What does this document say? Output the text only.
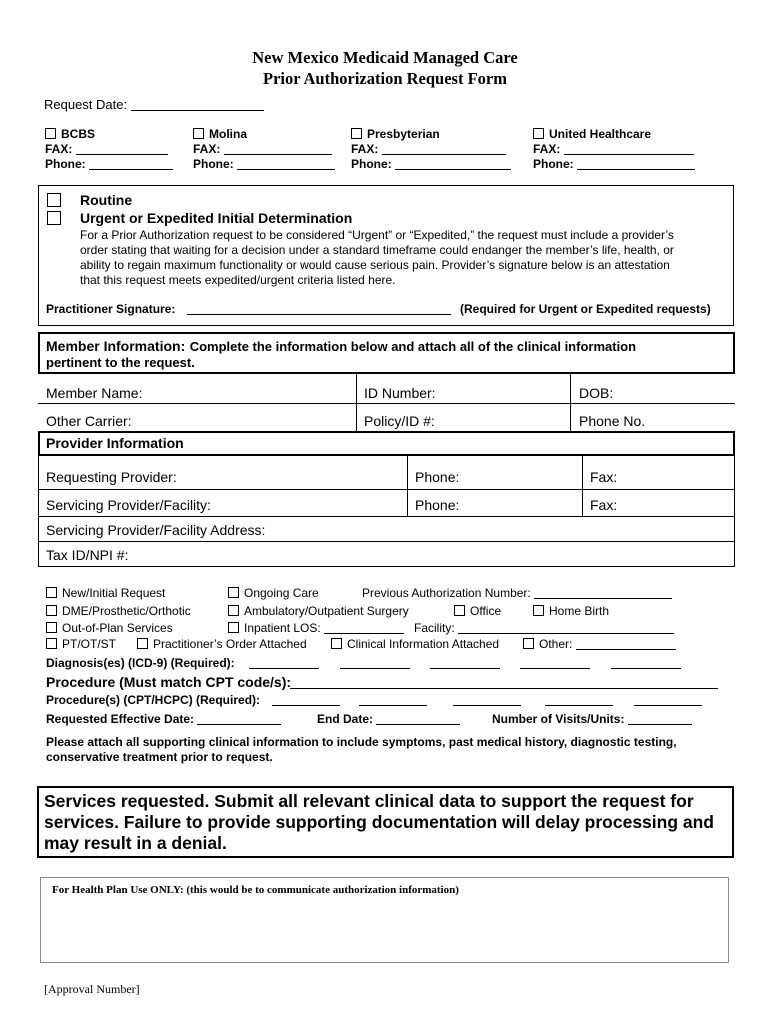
New Mexico Medicaid Managed Care
Prior Authorization Request Form
Request Date:
BCBS
FAX:
Phone:
Molina
FAX:
Phone:
Presbyterian
FAX:
Phone:
United Healthcare
FAX:
Phone:
Routine
Urgent or Expedited Initial Determination
For a Prior Authorization request to be considered “Urgent” or “Expedited,” the request must include a provider’s
order stating that waiting for a decision under a standard timeframe could endanger the member’s life, health, or
ability to regain maximum functionality or would cause serious pain. Provider’s signature below is an attestation
that this request meets expedited/urgent criteria listed here.
Practitioner Signature:	(Required for Urgent or Expedited requests)
Member Information: Complete the information below and attach all of the clinical information
pertinent to the request.
Member Name:	ID Number:	DOB:
Other Carrier:	Policy/ID #:	Phone No.
Provider Information
Requesting Provider:	Phone:	Fax:
Servicing Provider/Facility:	Phone:	Fax:
Servicing Provider/Facility Address:
Tax ID/NPI #:
New/Initial Request	Ongoing Care	Previous Authorization Number:
DME/Prosthetic/Orthotic	Ambulatory/Outpatient Surgery	Office	Home Birth
Out-of-Plan Services	Inpatient LOS:	Facility:
PT/OT/ST	Practitioner’s Order Attached	Clinical Information Attached	Other:
Diagnosis(es) (ICD-9) (Required):
Procedure (Must match CPT code/s):
Procedure(s) (CPT/HCPC) (Required):
Requested Effective Date:	End Date:	Number of Visits/Units:
Please attach all supporting clinical information to include symptoms, past medical history, diagnostic testing,
conservative treatment prior to request.
Services requested. Submit all relevant clinical data to support the request for
services. Failure to provide supporting documentation will delay processing and
may result in a denial.
For Health Plan Use ONLY: (this would be to communicate authorization information)
[Approval Number]
